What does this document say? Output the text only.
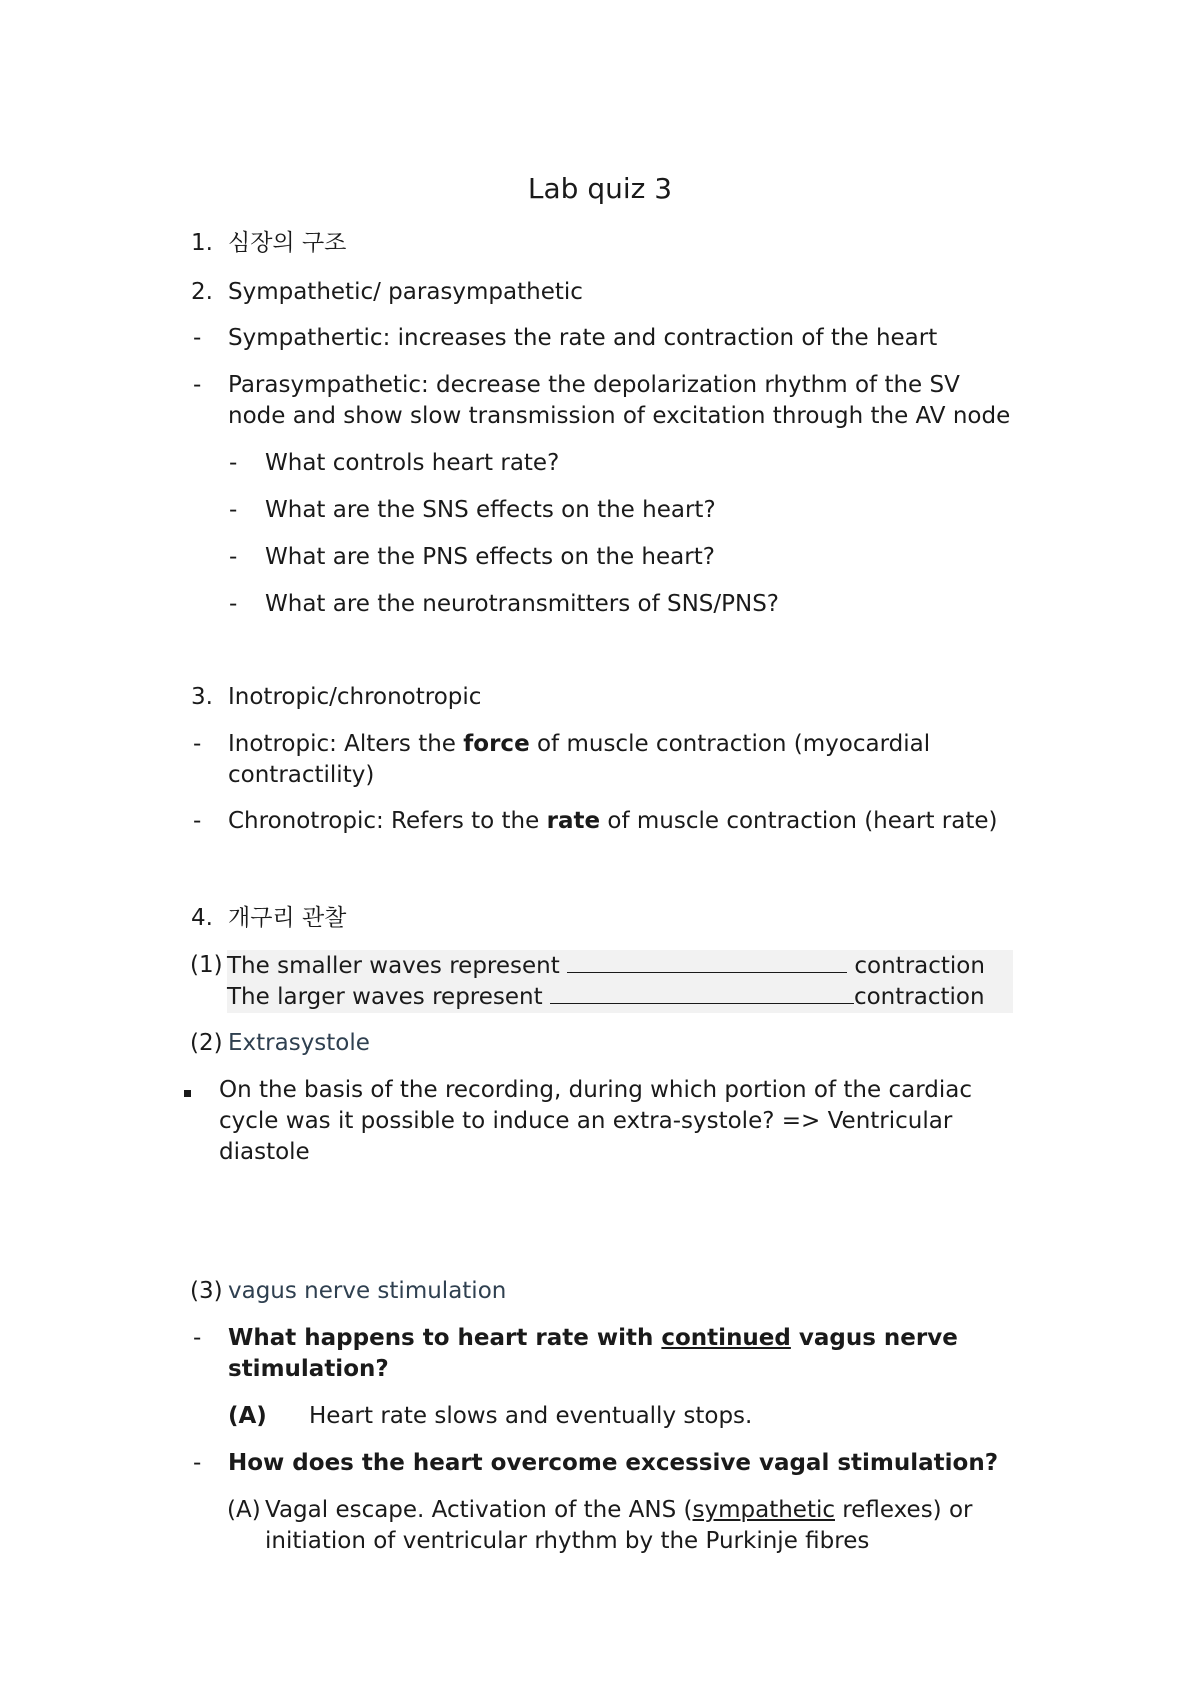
Lab quiz 3
1. 심장의 구조
2. Sympathetic/ parasympathetic
- Sympathertic: increases the rate and contraction of the heart
- Parasympathetic: decrease the depolarization rhythm of the SV
node and show slow transmission of excitation through the AV node
- What controls heart rate?
- What are the SNS effects on the heart?
- What are the PNS effects on the heart?
- What are the neurotransmitters of SNS/PNS?
3. Inotropic/chronotropic
- Inotropic: Alters the force of muscle contraction (myocardial
contractility)
- Chronotropic: Refers to the rate of muscle contraction (heart rate)
4. 개구리 관찰
(1) The smaller waves represent	contraction
The larger waves represent	contraction
(2) Extrasystole
On the basis of the recording, during which portion of the cardiac
cycle was it possible to induce an extra-systole? => Ventricular
diastole
(3) vagus nerve stimulation
- What happens to heart rate with continued vagus nerve
stimulation?
(A) Heart rate slows and eventually stops.
- How does the heart overcome excessive vagal stimulation?
(A) Vagal escape. Activation of the ANS (sympathetic reflexes) or
initiation of ventricular rhythm by the Purkinje fibres
